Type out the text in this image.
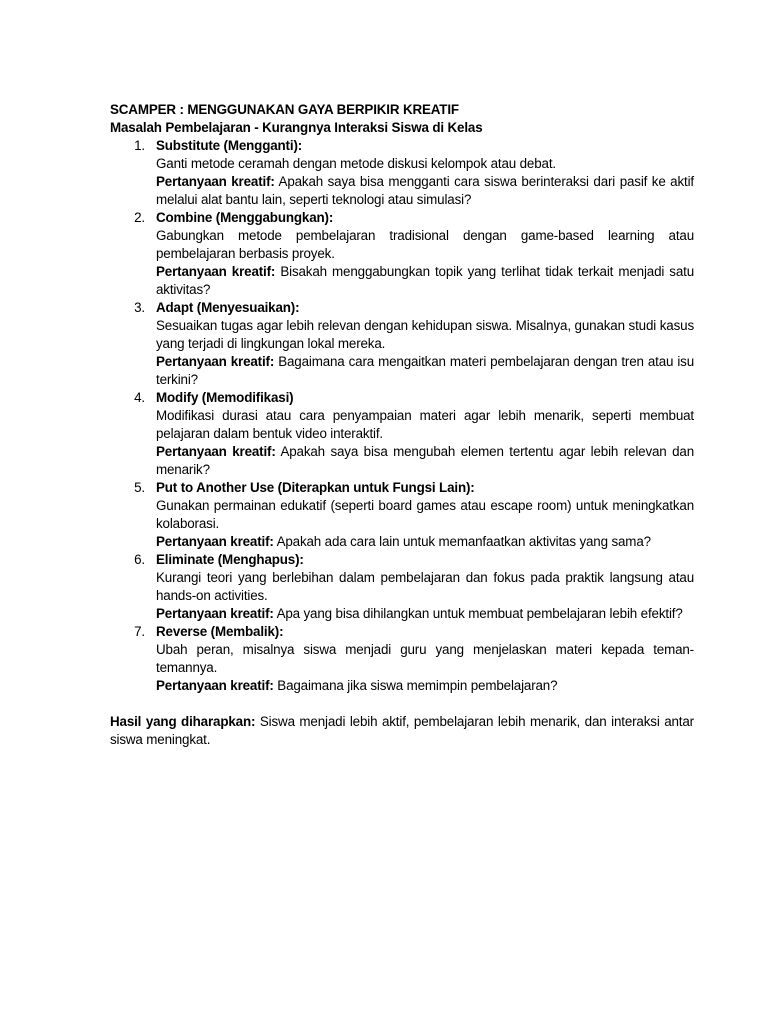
SCAMPER : MENGGUNAKAN GAYA BERPIKIR KREATIF
Masalah Pembelajaran - Kurangnya Interaksi Siswa di Kelas
1. Substitute (Mengganti):
Ganti metode ceramah dengan metode diskusi kelompok atau debat.
Pertanyaan kreatif: Apakah saya bisa mengganti cara siswa berinteraksi dari pasif ke aktif melalui alat bantu lain, seperti teknologi atau simulasi?
2. Combine (Menggabungkan):
Gabungkan metode pembelajaran tradisional dengan game-based learning atau pembelajaran berbasis proyek.
Pertanyaan kreatif: Bisakah menggabungkan topik yang terlihat tidak terkait menjadi satu aktivitas?
3. Adapt (Menyesuaikan):
Sesuaikan tugas agar lebih relevan dengan kehidupan siswa. Misalnya, gunakan studi kasus yang terjadi di lingkungan lokal mereka.
Pertanyaan kreatif: Bagaimana cara mengaitkan materi pembelajaran dengan tren atau isu terkini?
4. Modify (Memodifikasi)
Modifikasi durasi atau cara penyampaian materi agar lebih menarik, seperti membuat pelajaran dalam bentuk video interaktif.
Pertanyaan kreatif: Apakah saya bisa mengubah elemen tertentu agar lebih relevan dan menarik?
5. Put to Another Use (Diterapkan untuk Fungsi Lain):
Gunakan permainan edukatif (seperti board games atau escape room) untuk meningkatkan kolaborasi.
Pertanyaan kreatif: Apakah ada cara lain untuk memanfaatkan aktivitas yang sama?
6. Eliminate (Menghapus):
Kurangi teori yang berlebihan dalam pembelajaran dan fokus pada praktik langsung atau hands-on activities.
Pertanyaan kreatif: Apa yang bisa dihilangkan untuk membuat pembelajaran lebih efektif?
7. Reverse (Membalik):
Ubah peran, misalnya siswa menjadi guru yang menjelaskan materi kepada teman-temannya.
Pertanyaan kreatif: Bagaimana jika siswa memimpin pembelajaran?
Hasil yang diharapkan: Siswa menjadi lebih aktif, pembelajaran lebih menarik, dan interaksi antar siswa meningkat.
